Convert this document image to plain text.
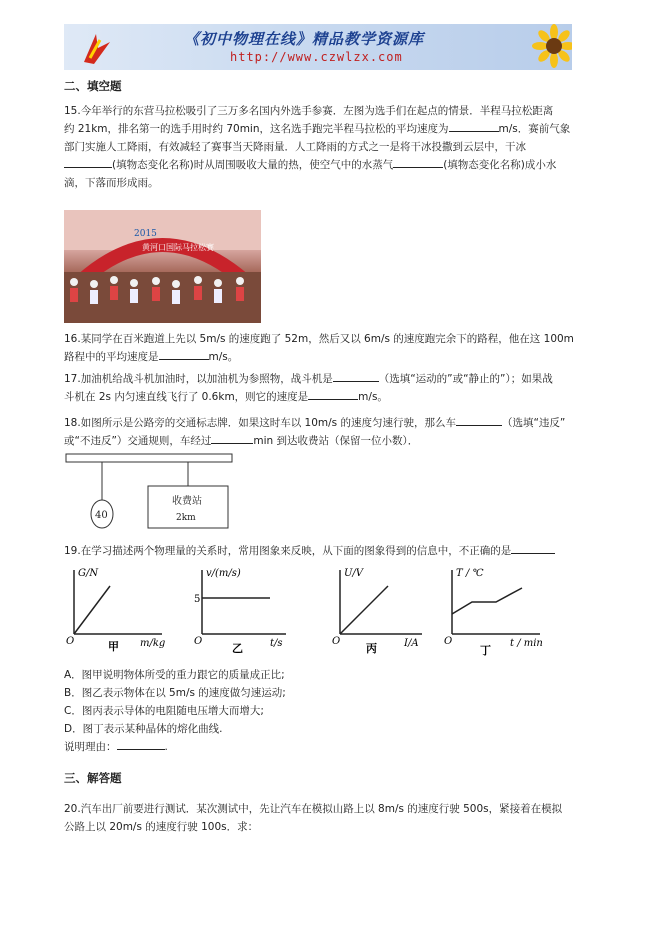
《初中物理在线》精品教学资源库
http://www.czwlzx.com
二、填空题
15.今年举行的东营马拉松吸引了三万多名国内外选手参赛．左图为选手们在起点的情景．半程马拉松距离
约 21km，排名第一的选手用时约 70min，这名选手跑完半程马拉松的平均速度为	m/s．赛前气象
部门实施人工降雨，有效减轻了赛事当天降雨量．人工降雨的方式之一是将干冰投撒到云层中，干冰
(填物态变化名称)时从周围吸收大量的热，使空气中的水蒸气	(填物态变化名称)成小水
滴，下落而形成雨。
2015
黄河口国际马拉松赛
16.某同学在百米跑道上先以 5m/s 的速度跑了 52m，然后又以 6m/s 的速度跑完余下的路程，他在这 100m
路程中的平均速度是	m/s。
17.加油机给战斗机加油时，以加油机为参照物，战斗机是	（选填“运动的”或“静止的”）；如果战
斗机在 2s 内匀速直线飞行了 0.6km，则它的速度是	m/s。
18.如图所示是公路旁的交通标志牌．如果这时车以 10m/s 的速度匀速行驶，那么车	（选填“违反”
或“不违反”）交通规则，车经过	min 到达收费站（保留一位小数）．
40
收费站
2km
19.在学习描述两个物理量的关系时，常用图象来反映，从下面的图象得到的信息中，不正确的是
G/N
m/kg
O	甲
5
v/(m/s)
t/s
O
乙
U/V
I/A
O
丙
T / ℃
t / min
O
丁
A．图甲说明物体所受的重力跟它的质量成正比;
B．图乙表示物体在以 5m/s 的速度做匀速运动;
C．图丙表示导体的电阻随电压增大而增大;
D．图丁表示某种晶体的熔化曲线.
说明理由：	.
三、解答题
20.汽车出厂前要进行测试．某次测试中，先让汽车在模拟山路上以 8m/s 的速度行驶 500s，紧接着在模拟
公路上以 20m/s 的速度行驶 100s．求：
